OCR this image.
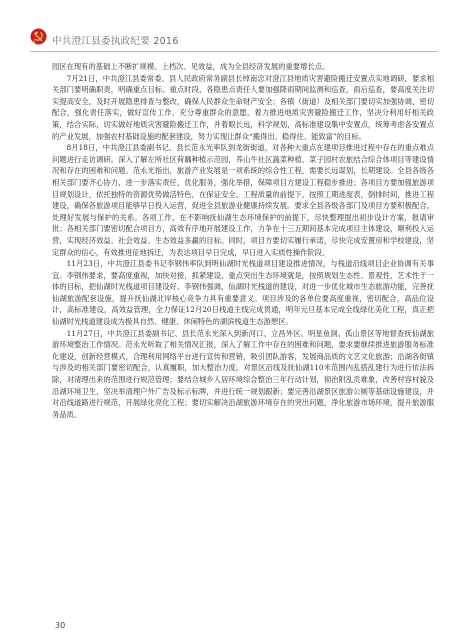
中共澄江县委执政纪要 2016

园区在现有的基础上不断扩规模、上档次、见效益，成为全县经济发展的重要增长点。

7月21日，中共澄江县委常委、县人民政府常务副县长绰南忠对澄江县地质灾害避险搬迁安置点实地调研，要求相关部门要明确职责，明确重点目标、重点时段，各隐患点责任人要加强降雨期间监测和巡查，雨后巡查，要高度关注切实提高安全，及时开展隐患排查与整改，确保人民群众生命财产安全；各镇（街道）及相关部门要切实加强协调，密切配合，强化责任落实，做好宣传工作，充分尊重群众的意愿，着力推进地质灾害避险搬迁工作，坚决分利用好相关政策，结合实际，切实做好地质灾害避险搬迁工作，并着眼长远，科学规划，高标准建设集中安置点，统筹考虑各安置点的产业发展，加强农村基础设施的配套建设，努力实现让群众“搬得出、稳得住、能致富”的目标。

8月18日，中共澄江县委副书记、县长范永光率队到龙街街道，对各种大重点在建项目推进过程中存在的重点难点问题进行走访调研。深入了解左所社区荷藕种植示范园，养山牛社区蔬菜种植、菜子园村农旅结合综合体项目等建设情况和存在的困难和问题。范永光指出，旅游产业发展是一项系统的综合性工程，需要长远谋划，长期建设。全县各级各相关部门要齐心协力，进一步落实责任，优化服务，强化举措，保障项目方建设工程稳步推进；各项目方要加强旅游项目规划设计，依托独特的资源优势做活特色，在保证安全、工程质量的前提下，按照工期进度表，倒排时间，推进工程建设，确保各旅游项目能够早日投入运营，促进全县旅游业健康持续发展。要求全县各级各部门及项目方要积极配合，处理好发展与保护的关系。各项工作，在不影响抚仙湖生态环境保护的前提下，尽快整理提出初步设计方案，报请审批；各相关部门要密切配合项目方，高效有序地开展建设工作，力争在十三五期间基本完成项目主体建设，顺利投入运营，实现经济效益、社会效益、生态效益多赢的目标。同时，项目方要切实履行承诺，尽快完成安置房和学校建设，坚定群众的信心，有效推进征地拆迁，为表达项目早日完成，早日进入实质性操作阶段。

11月23日，中共澄江县委书记李钢伟率队到明仙湖时光栈道项目建设推进情况，与栈道沿线项目企业协调有关事宜。李钢伟要求，要高度重视，加快对接，抓紧建设，重点突出生态环境就是，按照规划生态性、景观性、艺术性于一体的目标，把仙湖时光栈道项目建设好。李钢伟强调，仙湖时光栈道的建设，对进一步优化城市生态旅游功能，完善抚仙湖旅游配套设施，提升抚仙湖北岸核心竞争力具有重要意义。项目涉及的各单位要高度重视，密切配合，高品位设计，高标准建设，高效益管理，全力保证12月20日栈道主线完成贯通，明年元旦基本完成全线绿化美化工程，真正把仙湖时光栈道建设成为极具自然、健康、休闲特色的湖滨栈道生态游憩区。

11月27日，中共澄江县委副书记、县长范永光深入到新河口、立昌外区、明星鱼洞、孤山景区等地督查抚仙湖旅游环境整治工作情况。范永光听取了相关情况汇报，深入了解工作中存在的困难和问题，要求要继续推进旅游服务标准化建设，创新经营模式，合理利用网络平台进行宣传和营销，吸引团队游客，发展商品质的文艺文化旅游；沿湖各街镇与涉及的相关部门要密切配合，认真履职，加大整治力度，对景区沿线及抚仙湖110米范围内乱搭乱建行为进行依法拆除，对清理出来的范围进行规范管理；要结合城乡人居环境综合整治三年行动计划，彻治附乱贡难象，改善村容村貌及沿湖环境卫生，坚决举清理户外广告及标示标牌，并进行统一规划跟新；要完善沿湖景区旅游公厕等基础设施建设，并对沿线道路进行规范，开展绿化亮化工程；要切实解决沿湖旅游环境存在的突出问题，净化旅游市场环境，提升旅游服务品质。

30
